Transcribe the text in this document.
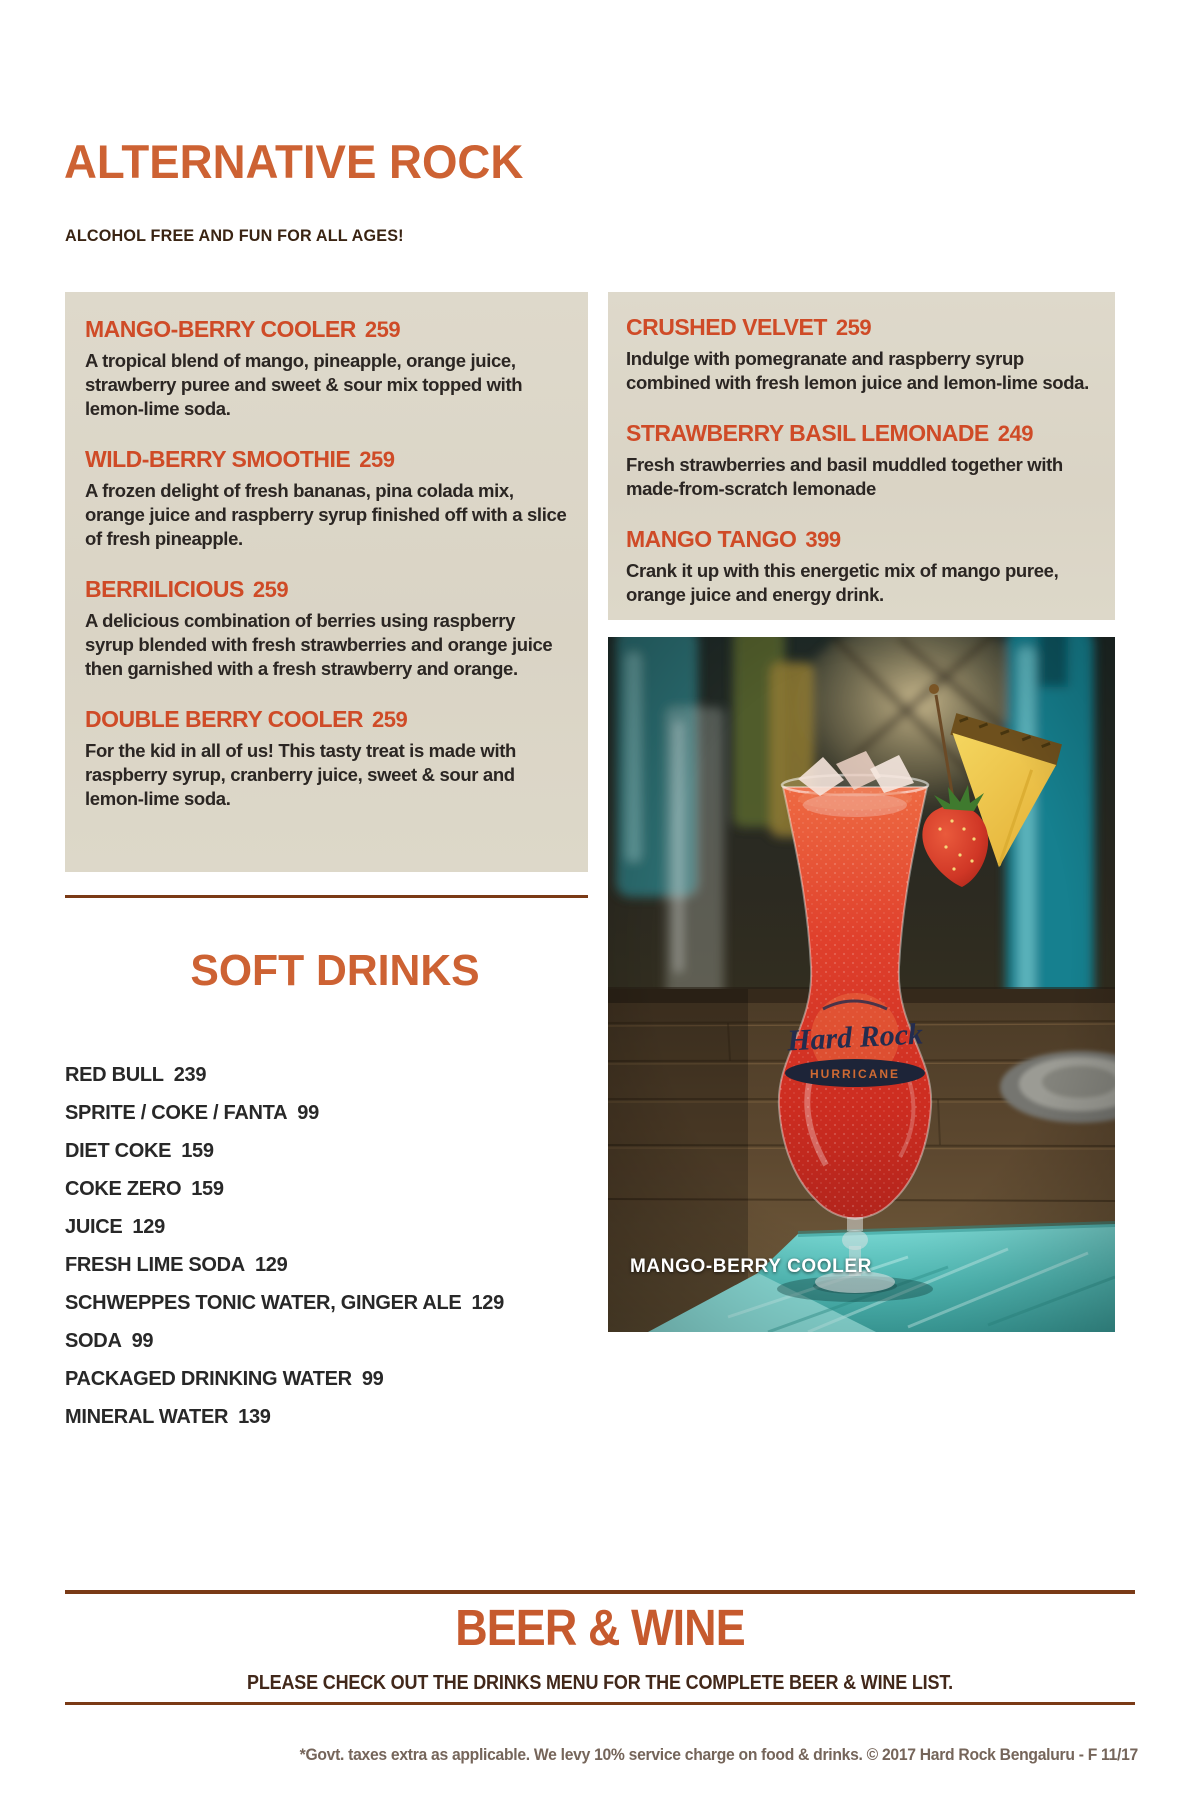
ALTERNATIVE ROCK
ALCOHOL FREE AND FUN FOR ALL AGES!
MANGO-BERRY COOLER 259
A tropical blend of mango, pineapple, orange juice, strawberry puree and sweet & sour mix topped with lemon-lime soda.
WILD-BERRY SMOOTHIE 259
A frozen delight of fresh bananas, pina colada mix, orange juice and raspberry syrup finished off with a slice of fresh pineapple.
BERRILICIOUS 259
A delicious combination of berries using raspberry syrup blended with fresh strawberries and orange juice then garnished with a fresh strawberry and orange.
DOUBLE BERRY COOLER 259
For the kid in all of us! This tasty treat is made with raspberry syrup, cranberry juice, sweet & sour and lemon-lime soda.
CRUSHED VELVET 259
Indulge with pomegranate and raspberry syrup combined with fresh lemon juice and lemon-lime soda.
STRAWBERRY BASIL LEMONADE 249
Fresh strawberries and basil muddled together with made-from-scratch lemonade
MANGO TANGO 399
Crank it up with this energetic mix of mango puree, orange juice and energy drink.
SOFT DRINKS
RED BULL 239
SPRITE / COKE / FANTA 99
DIET COKE 159
COKE ZERO 159
JUICE 129
FRESH LIME SODA 129
SCHWEPPES TONIC WATER, GINGER ALE 129
SODA 99
PACKAGED DRINKING WATER 99
MINERAL WATER 139
MANGO-BERRY COOLER
BEER & WINE
PLEASE CHECK OUT THE DRINKS MENU FOR THE COMPLETE BEER & WINE LIST.
*Govt. taxes extra as applicable. We levy 10% service charge on food & drinks. © 2017 Hard Rock Bengaluru - F 11/17
